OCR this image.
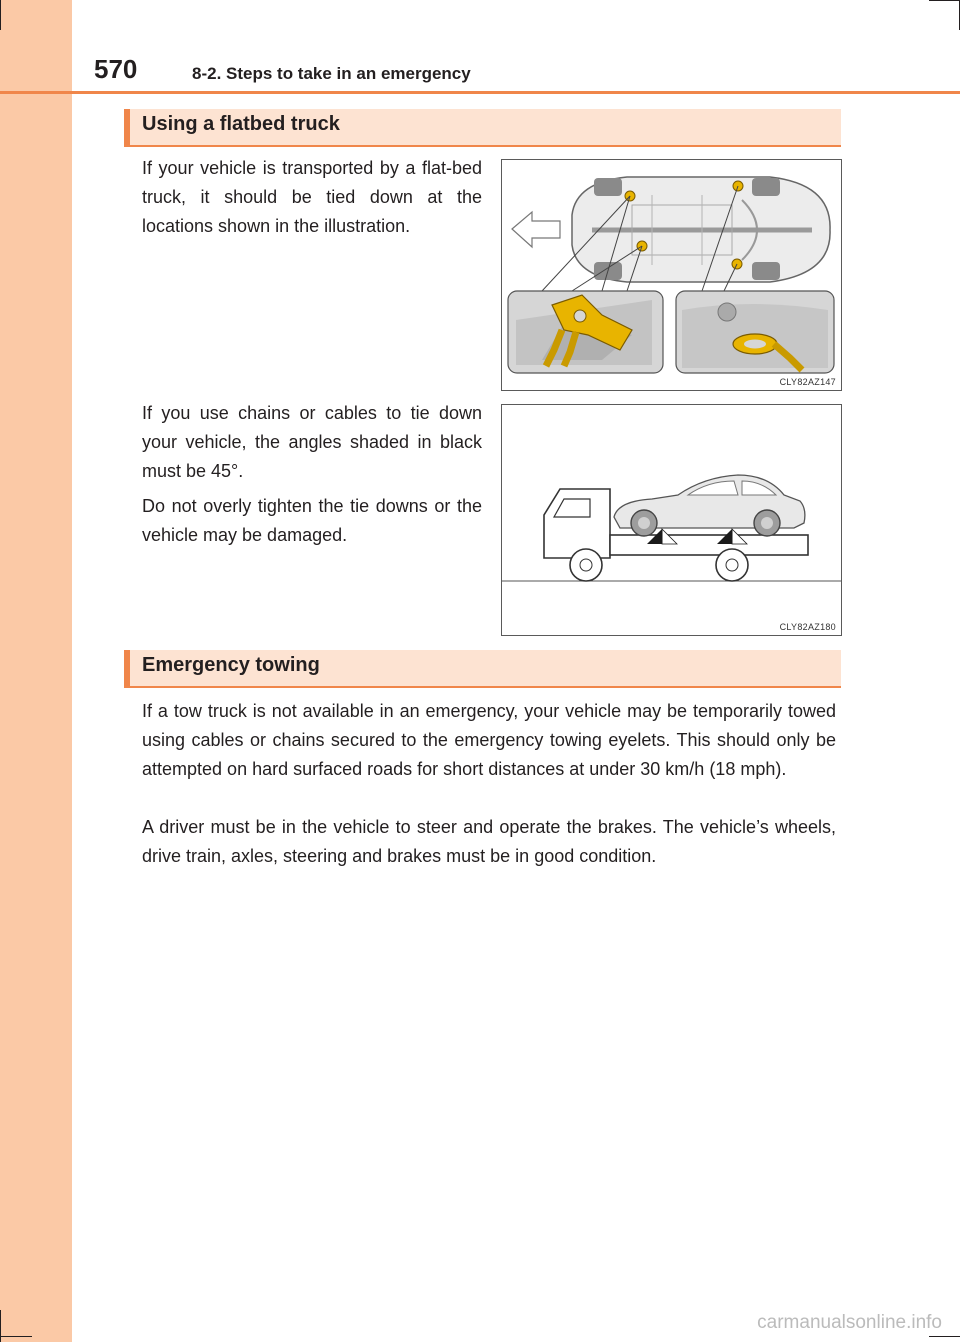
570	8-2. Steps to take in an emergency
Using a flatbed truck

If your vehicle is transported by a flat-bed truck, it should be tied down at the locations shown in the illustration.

CLY82AZ147

If you use chains or cables to tie down your vehicle, the angles shaded in black must be 45°.

Do not overly tighten the tie downs or the vehicle may be damaged.

CLY82AZ180
Emergency towing

If a tow truck is not available in an emergency, your vehicle may be temporarily towed using cables or chains secured to the emergency towing eyelets. This should only be attempted on hard surfaced roads for short distances at under 30 km/h (18 mph).

A driver must be in the vehicle to steer and operate the brakes. The vehicle’s wheels, drive train, axles, steering and brakes must be in good condition.

carmanualsonline.info
